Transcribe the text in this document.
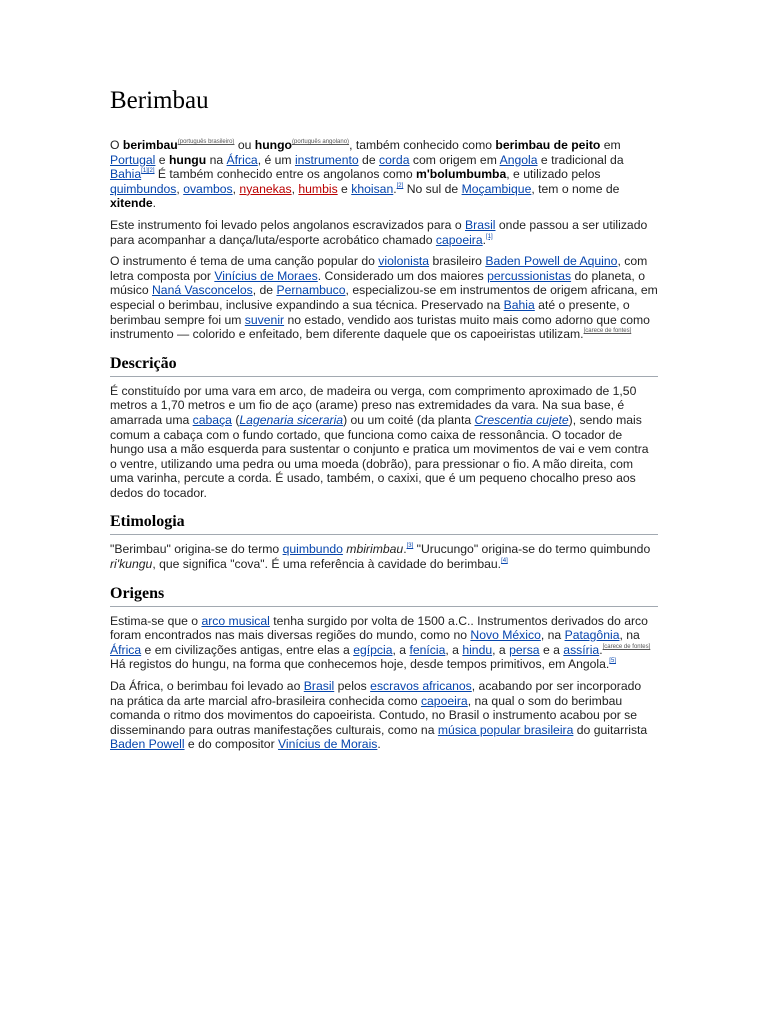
Berimbau

O berimbau$^{(português brasileiro)}$ ou hungo$^{(português angolano)}$, também conhecido como berimbau de peito em Portugal e hungu na África, é um instrumento de corda com origem em Angola e tradicional da Bahia[1][2] É também conhecido entre os angolanos como m'bolumbumba, e utilizado pelos quimbundos, ovambos, nyanekas, humbis e khoisan.[2] No sul de Moçambique, tem o nome de xitende.

Este instrumento foi levado pelos angolanos escravizados para o Brasil onde passou a ser utilizado para acompanhar a dança/luta/esporte acrobático chamado capoeira.[1]

O instrumento é tema de uma canção popular do violonista brasileiro Baden Powell de Aquino, com letra composta por Vinícius de Moraes. Considerado um dos maiores percussionistas do planeta, o músico Naná Vasconcelos, de Pernambuco, especializou-se em instrumentos de origem africana, em especial o berimbau, inclusive expandindo a sua técnica. Preservado na Bahia até o presente, o berimbau sempre foi um suvenir no estado, vendido aos turistas muito mais como adorno que como instrumento — colorido e enfeitado, bem diferente daquele que os capoeiristas utilizam.[carece de fontes]

Descrição

É constituído por uma vara em arco, de madeira ou verga, com comprimento aproximado de 1,50 metros a 1,70 metros e um fio de aço (arame) preso nas extremidades da vara. Na sua base, é amarrada uma cabaça (Lagenaria siceraria) ou um coité (da planta Crescentia cujete), sendo mais comum a cabaça com o fundo cortado, que funciona como caixa de ressonância. O tocador de hungo usa a mão esquerda para sustentar o conjunto e pratica um movimentos de vai e vem contra o ventre, utilizando uma pedra ou uma moeda (dobrão), para pressionar o fio. A mão direita, com uma varinha, percute a corda. É usado, também, o caxixi, que é um pequeno chocalho preso aos dedos do tocador.

Etimologia

"Berimbau" origina-se do termo quimbundo mbirimbau.[3] "Urucungo" origina-se do termo quimbundo ri'kungu, que significa "cova". É uma referência à cavidade do berimbau.[4]

Origens

Estima-se que o arco musical tenha surgido por volta de 1500 a.C.. Instrumentos derivados do arco foram encontrados nas mais diversas regiões do mundo, como no Novo México, na Patagônia, na África e em civilizações antigas, entre elas a egípcia, a fenícia, a hindu, a persa e a assíria.[carece de fontes] Há registos do hungu, na forma que conhecemos hoje, desde tempos primitivos, em Angola.[5]

Da África, o berimbau foi levado ao Brasil pelos escravos africanos, acabando por ser incorporado na prática da arte marcial afro-brasileira conhecida como capoeira, na qual o som do berimbau comanda o ritmo dos movimentos do capoeirista. Contudo, no Brasil o instrumento acabou por se disseminando para outras manifestações culturais, como na música popular brasileira do guitarrista Baden Powell e do compositor Vinícius de Morais.
